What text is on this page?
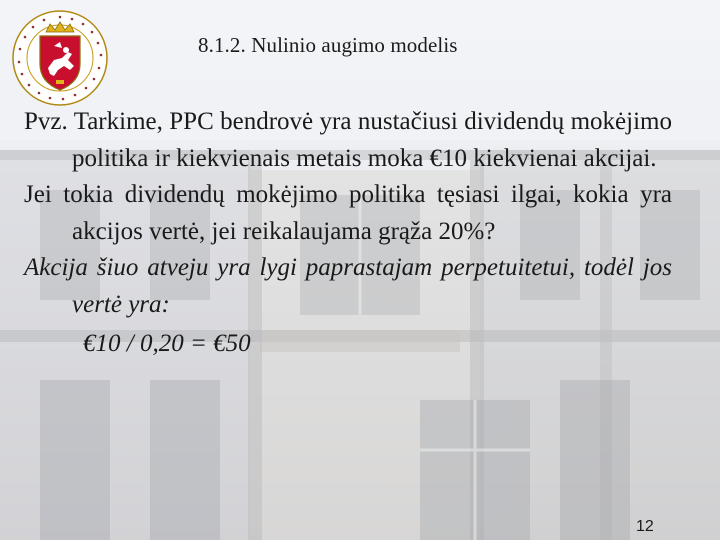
8.1.2. Nulinio augimo modelis

Pvz. Tarkime, PPC bendrovė yra nustačiusi dividendų mokėjimo politika ir kiekvienais metais moka €10 kiekvienai akcijai.

Jei tokia dividendų mokėjimo politika tęsiasi ilgai, kokia yra akcijos vertė, jei reikalaujama grąža 20%?

Akcija šiuo atveju yra lygi paprastajam perpetuitetui, todėl jos vertė yra:
€10 / 0,20 = €50

12
